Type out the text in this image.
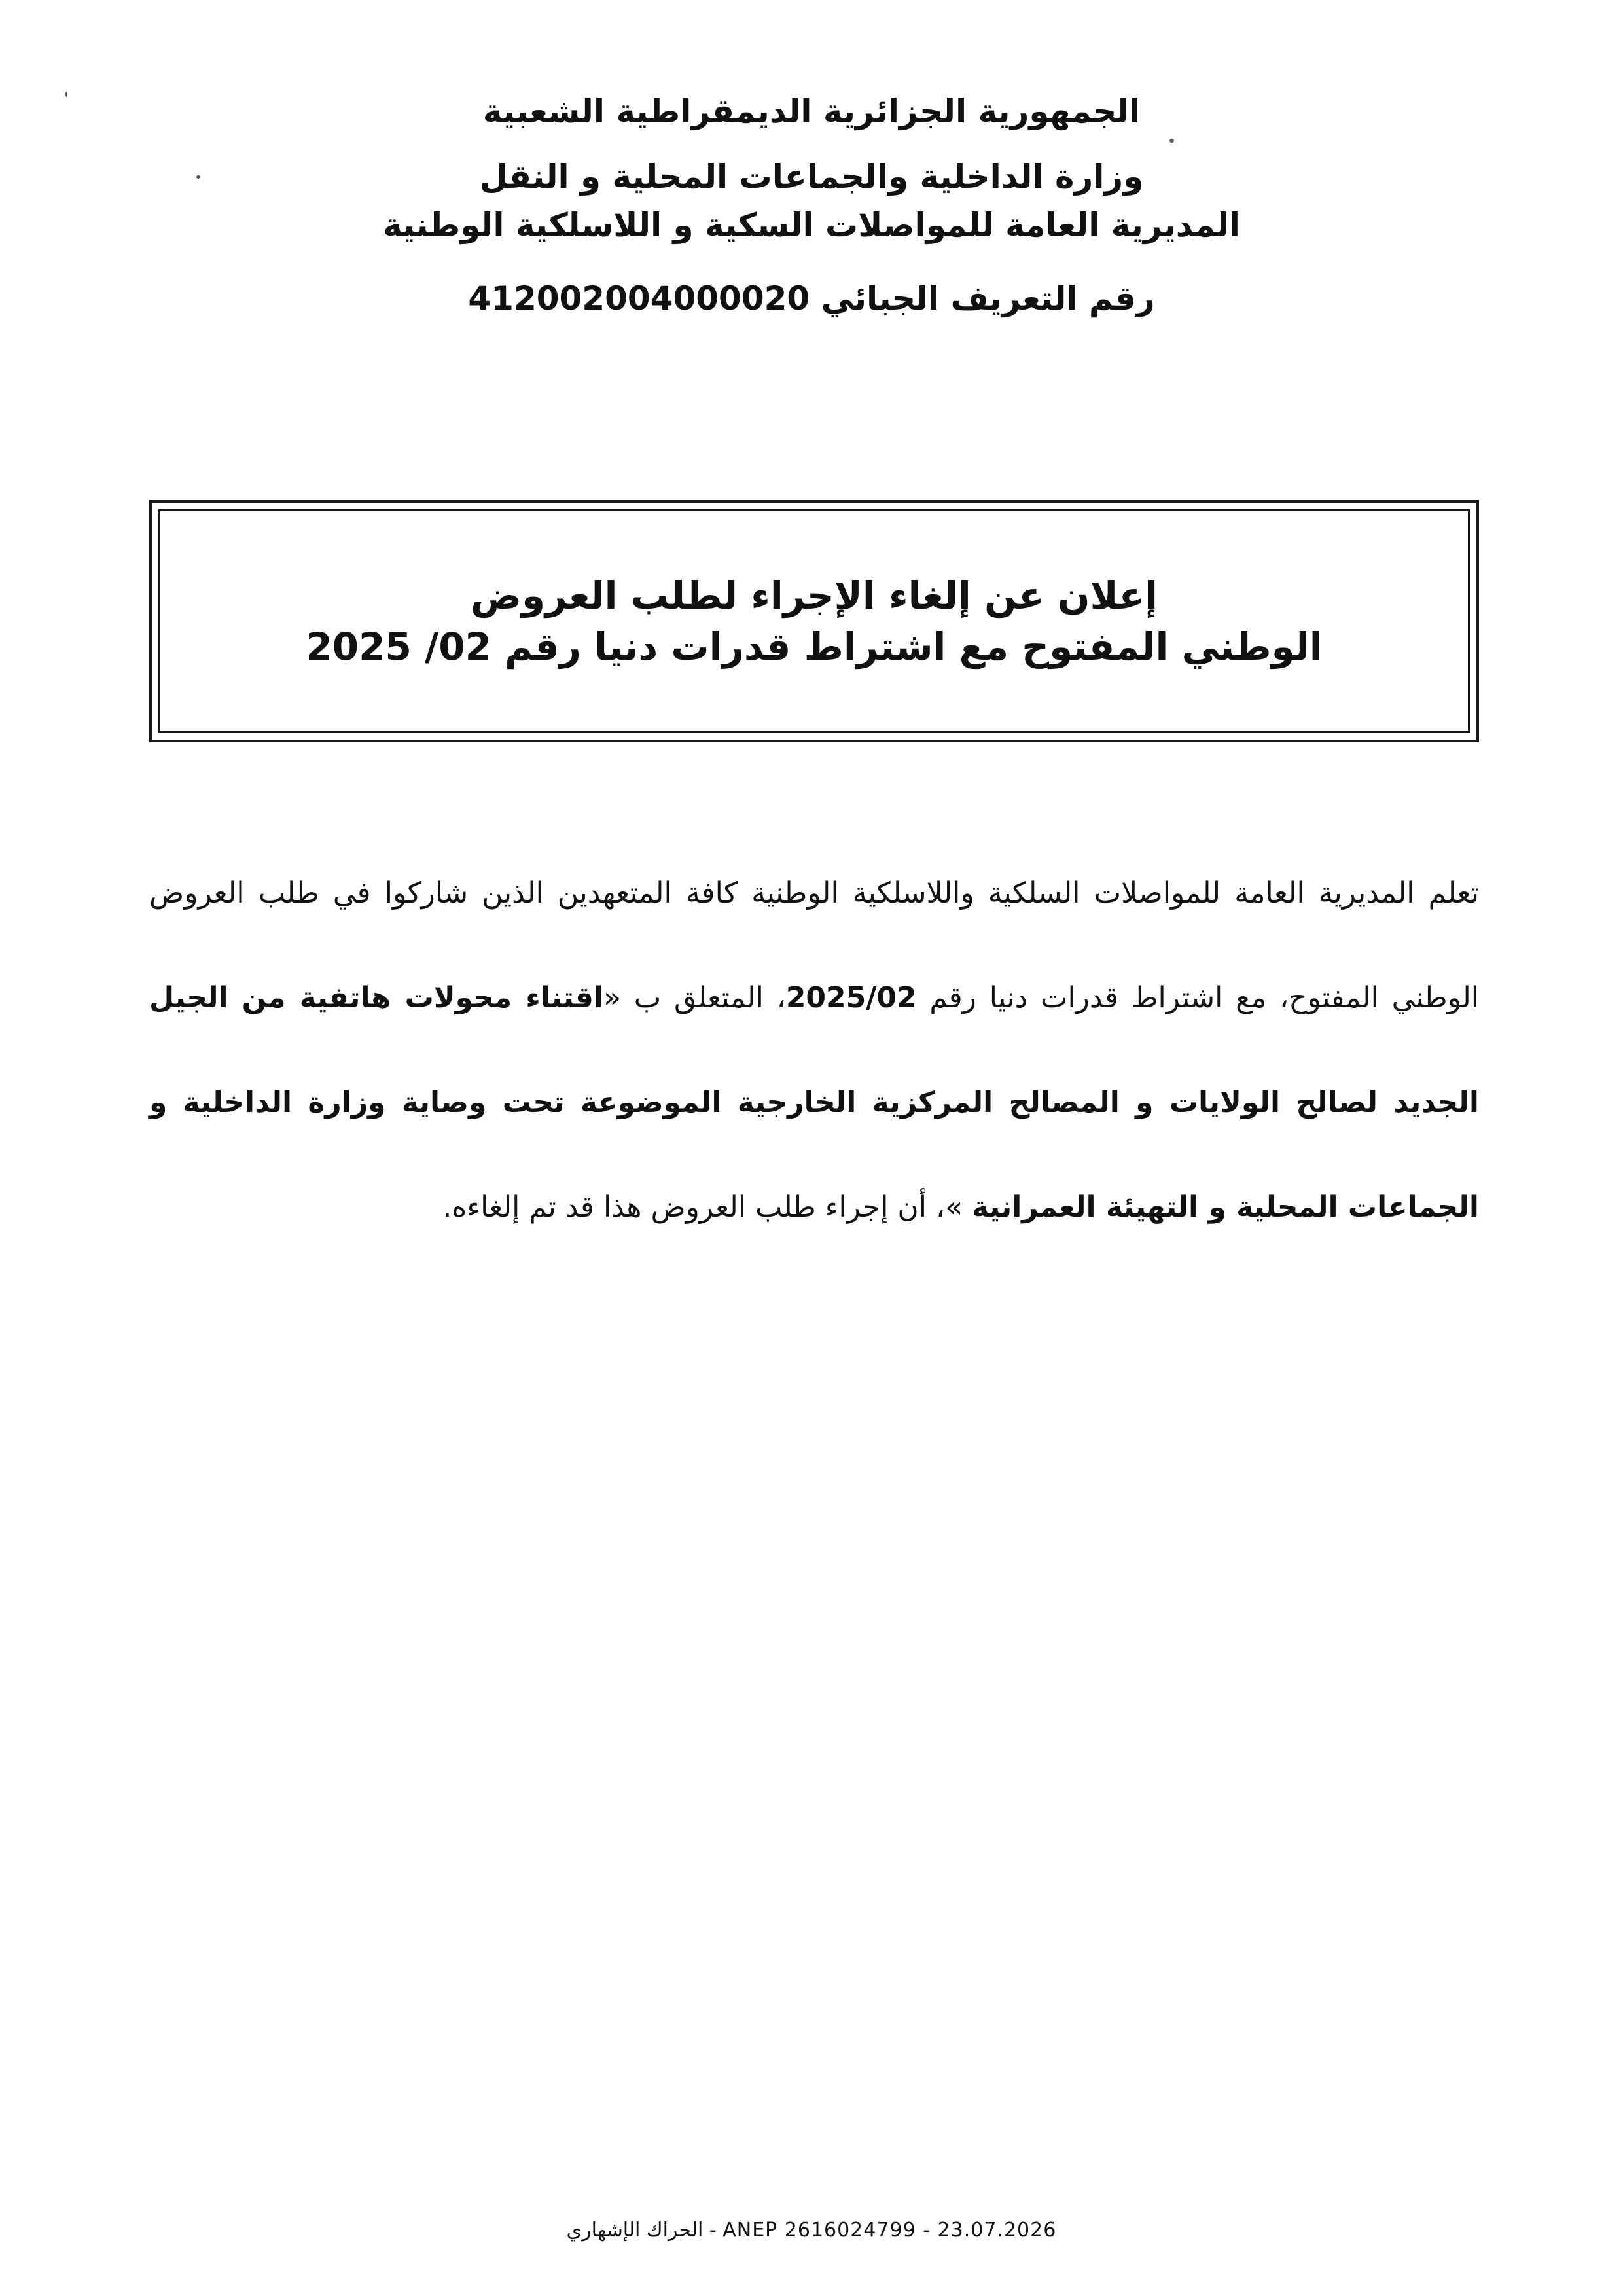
الجمهورية الجزائرية الديمقراطية الشعبية
وزارة الداخلية والجماعات المحلية و النقل
المديرية العامة للمواصلات السكية و اللاسلكية الوطنية
رقم التعريف الجبائي 412002004000020
إعلان عن إلغاء الإجراء لطلب العروض
الوطني المفتوح مع اشتراط قدرات دنيا رقم 02/ 2025
تعلم المديرية العامة للمواصلات السلكية واللاسلكية الوطنية كافة المتعهدين الذين شاركوا في طلب العروض الوطني المفتوح، مع اشتراط قدرات دنيا رقم 2025/02، المتعلق ب «اقتناء محولات هاتفية من الجيل الجديد لصالح الولايات و المصالح المركزية الخارجية الموضوعة تحت وصاية وزارة الداخلية و الجماعات المحلية و التهيئة العمرانية »، أن إجراء طلب العروض هذا قد تم إلغاءه.
الحراك الإشهاري - ANEP 2616024799 - 23.07.2026
